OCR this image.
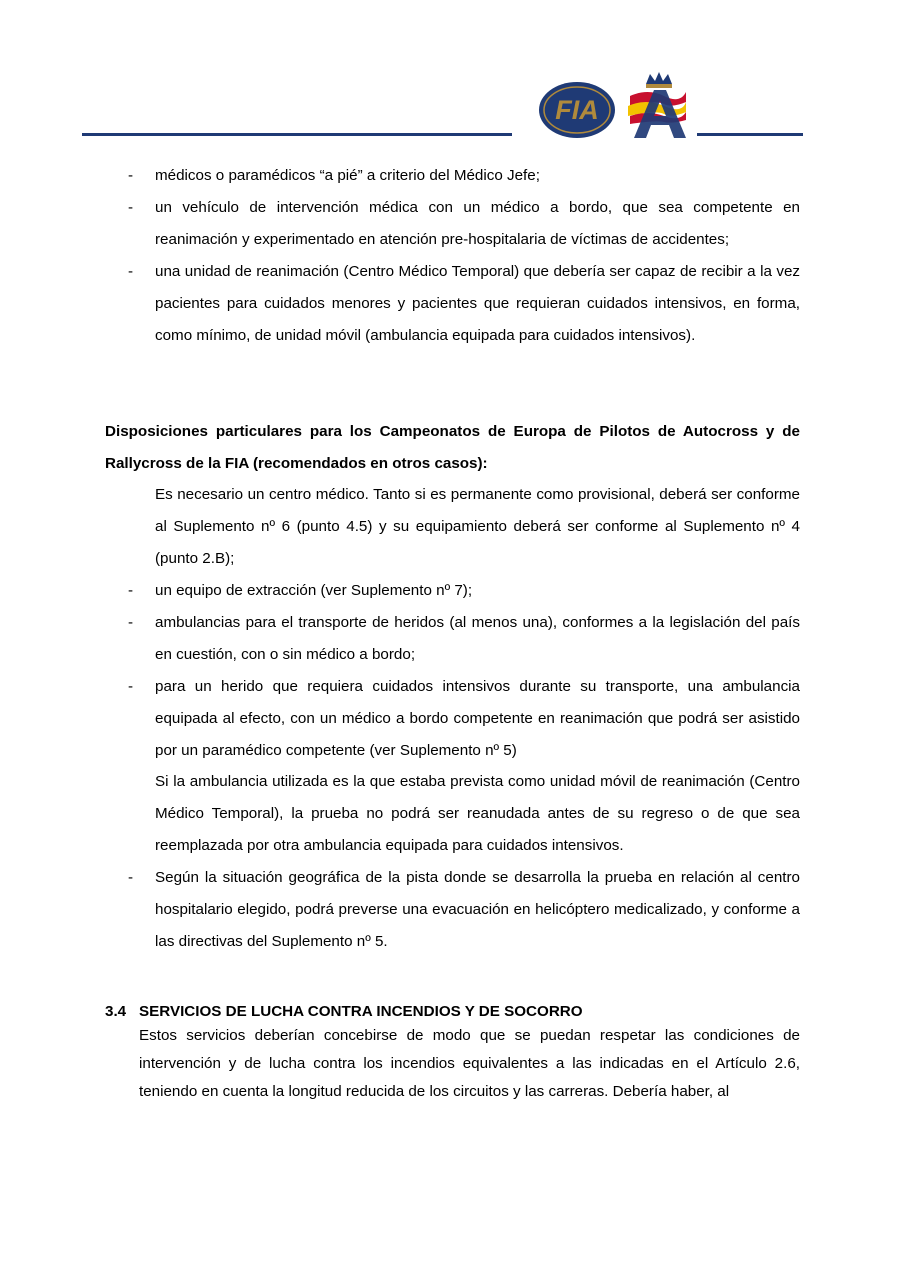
FIA
- médicos o paramédicos “a pié” a criterio del Médico Jefe;

- un vehículo de intervención médica con un médico a bordo, que sea competente en reanimación y experimentado en atención pre-hospitalaria de víctimas de accidentes;

- una unidad de reanimación (Centro Médico Temporal) que debería ser capaz de recibir a la vez pacientes para cuidados menores y pacientes que requieran cuidados intensivos, en forma, como mínimo, de unidad móvil (ambulancia equipada para cuidados intensivos).

Disposiciones particulares para los Campeonatos de Europa de Pilotos de Autocross y de Rallycross de la FIA (recomendados en otros casos):

Es necesario un centro médico. Tanto si es permanente como provisional, deberá ser conforme al Suplemento nº 6 (punto 4.5) y su equipamiento deberá ser conforme al Suplemento nº 4 (punto 2.B);

- un equipo de extracción (ver Suplemento nº 7);

- ambulancias para el transporte de heridos (al menos una), conformes a la legislación del país en cuestión, con o sin médico a bordo;

- para un herido que requiera cuidados intensivos durante su transporte, una ambulancia equipada al efecto, con un médico a bordo competente en reanimación que podrá ser asistido por un paramédico competente (ver Suplemento nº 5)

Si la ambulancia utilizada es la que estaba prevista como unidad móvil de reanimación (Centro Médico Temporal), la prueba no podrá ser reanudada antes de su regreso o de que sea reemplazada por otra ambulancia equipada para cuidados intensivos.

- Según la situación geográfica de la pista donde se desarrolla la prueba en relación al centro hospitalario elegido, podrá preverse una evacuación en helicóptero medicalizado, y conforme a las directivas del Suplemento nº 5.

3.4 SERVICIOS DE LUCHA CONTRA INCENDIOS Y DE SOCORRO

Estos servicios deberían concebirse de modo que se puedan respetar las condiciones de intervención y de lucha contra los incendios equivalentes a las indicadas en el Artículo 2.6, teniendo en cuenta la longitud reducida de los circuitos y las carreras. Debería haber, al
